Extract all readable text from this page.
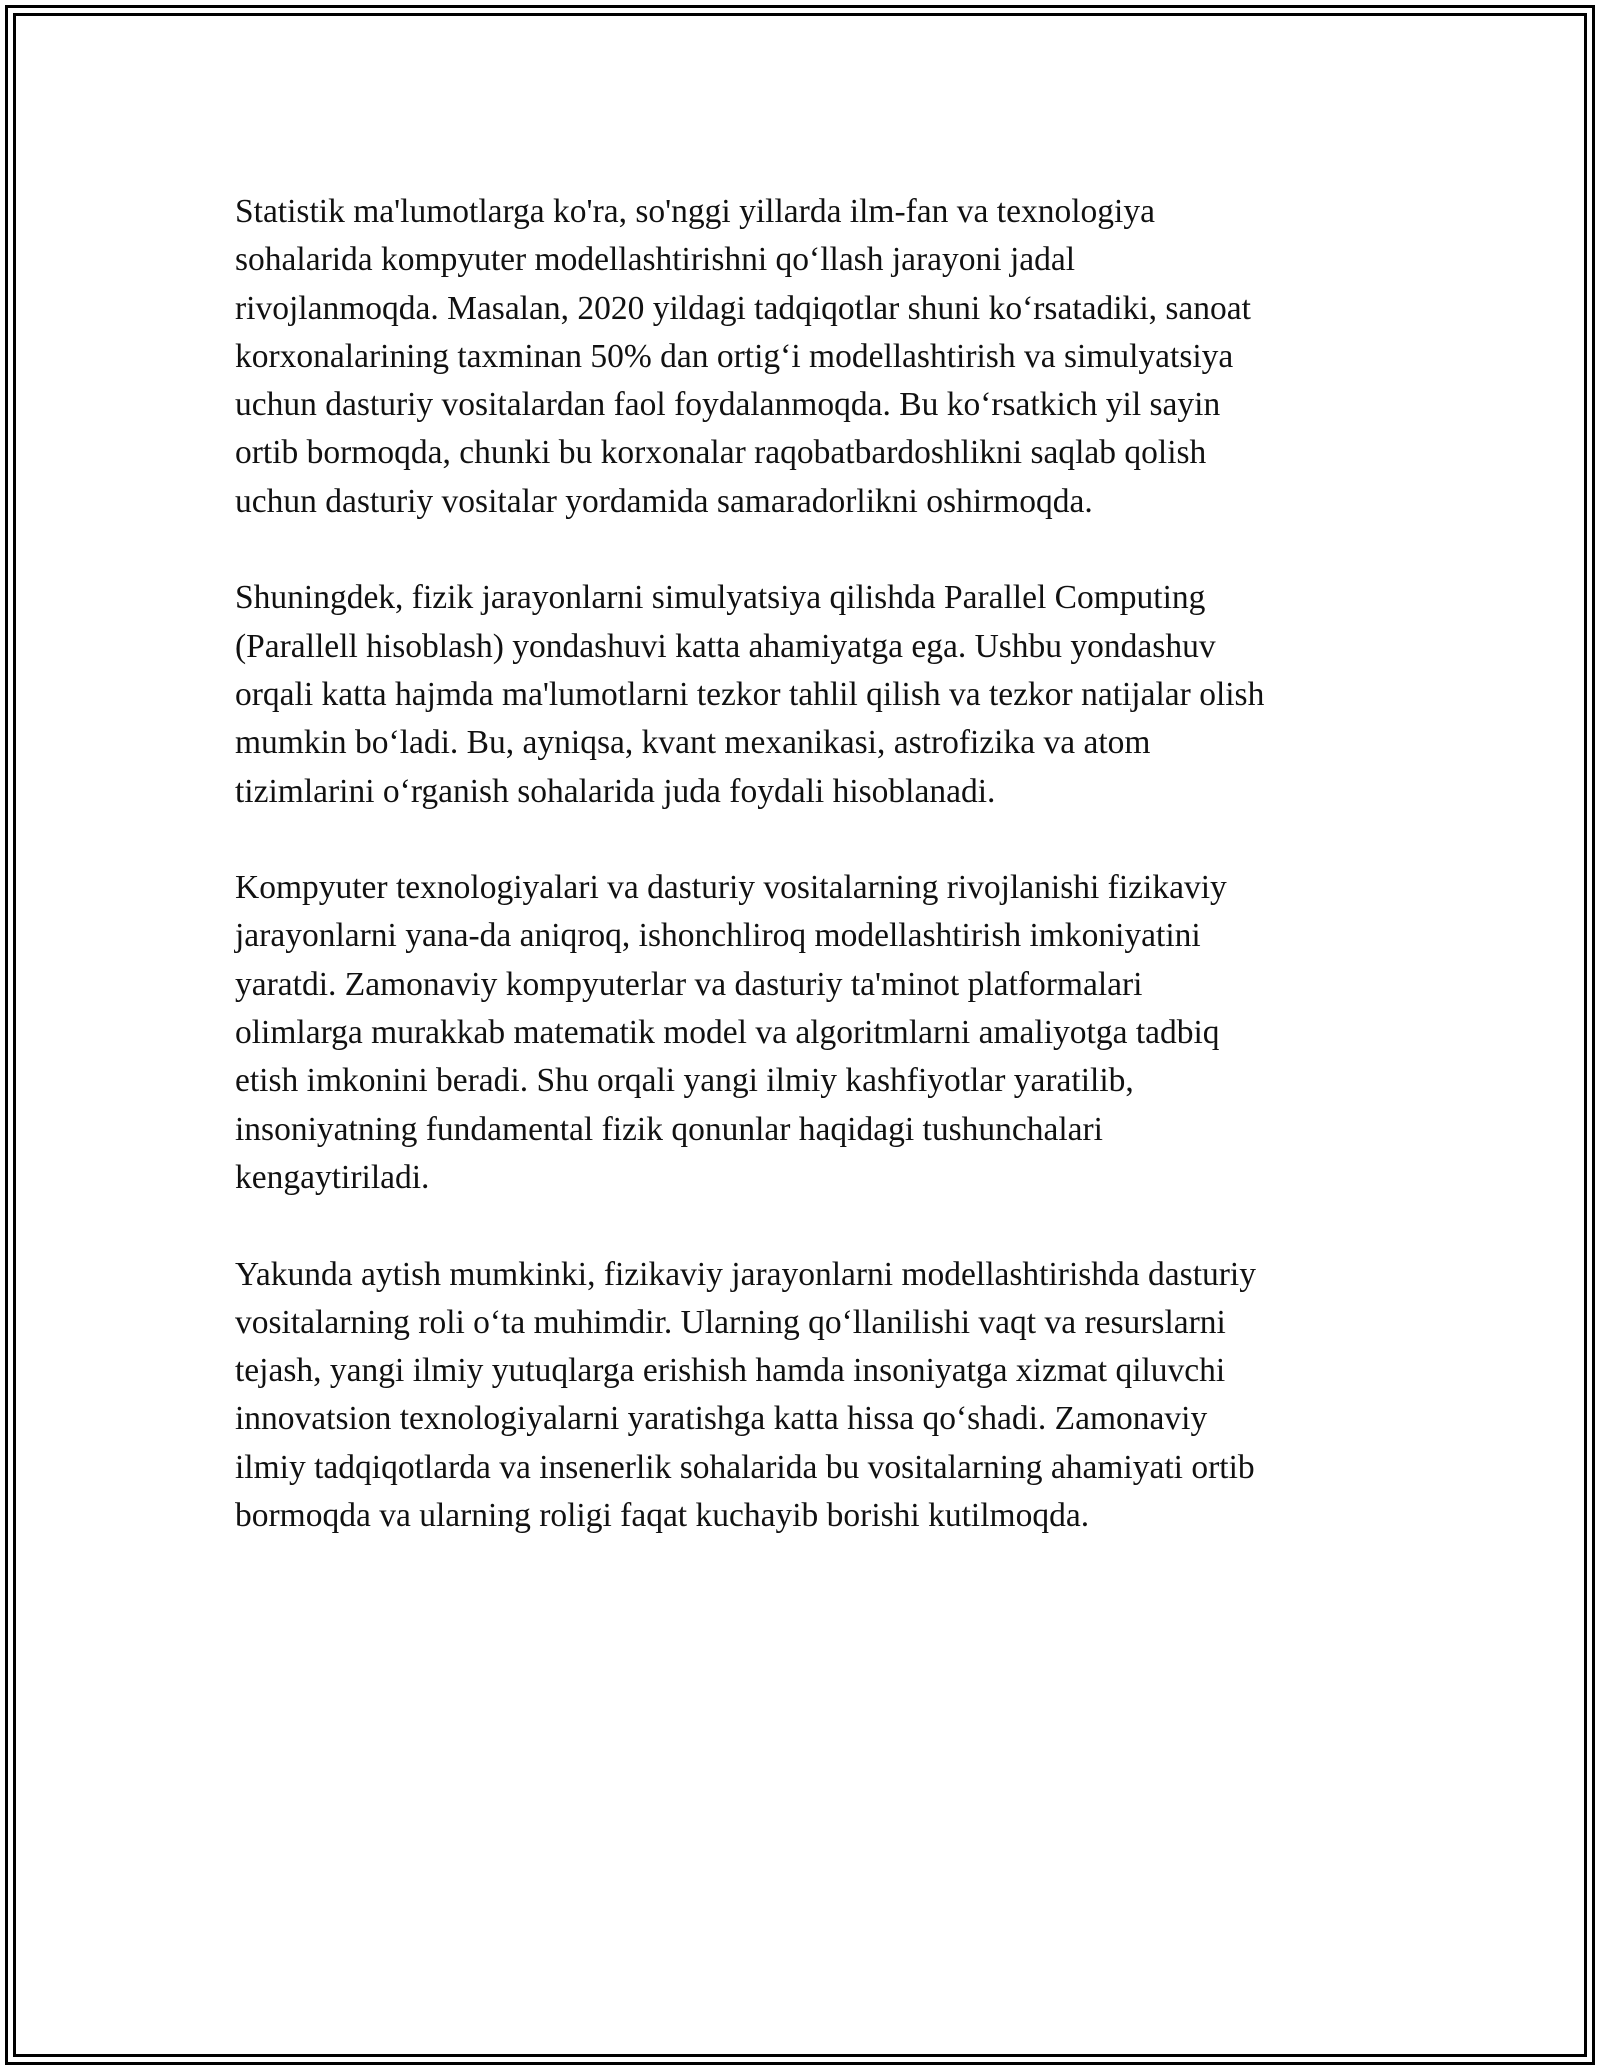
Statistik ma'lumotlarga ko'ra, so'nggi yillarda ilm-fan va texnologiya
sohalarida kompyuter modellashtirishni qo‘llash jarayoni jadal
rivojlanmoqda. Masalan, 2020 yildagi tadqiqotlar shuni ko‘rsatadiki, sanoat
korxonalarining taxminan 50% dan ortig‘i modellashtirish va simulyatsiya
uchun dasturiy vositalardan faol foydalanmoqda. Bu ko‘rsatkich yil sayin
ortib bormoqda, chunki bu korxonalar raqobatbardoshlikni saqlab qolish
uchun dasturiy vositalar yordamida samaradorlikni oshirmoqda.

Shuningdek, fizik jarayonlarni simulyatsiya qilishda Parallel Computing
(Parallell hisoblash) yondashuvi katta ahamiyatga ega. Ushbu yondashuv
orqali katta hajmda ma'lumotlarni tezkor tahlil qilish va tezkor natijalar olish
mumkin bo‘ladi. Bu, ayniqsa, kvant mexanikasi, astrofizika va atom
tizimlarini o‘rganish sohalarida juda foydali hisoblanadi.

Kompyuter texnologiyalari va dasturiy vositalarning rivojlanishi fizikaviy
jarayonlarni yana-da aniqroq, ishonchliroq modellashtirish imkoniyatini
yaratdi. Zamonaviy kompyuterlar va dasturiy ta'minot platformalari
olimlarga murakkab matematik model va algoritmlarni amaliyotga tadbiq
etish imkonini beradi. Shu orqali yangi ilmiy kashfiyotlar yaratilib,
insoniyatning fundamental fizik qonunlar haqidagi tushunchalari
kengaytiriladi.

Yakunda aytish mumkinki, fizikaviy jarayonlarni modellashtirishda dasturiy
vositalarning roli o‘ta muhimdir. Ularning qo‘llanilishi vaqt va resurslarni
tejash, yangi ilmiy yutuqlarga erishish hamda insoniyatga xizmat qiluvchi
innovatsion texnologiyalarni yaratishga katta hissa qo‘shadi. Zamonaviy
ilmiy tadqiqotlarda va insenerlik sohalarida bu vositalarning ahamiyati ortib
bormoqda va ularning roligi faqat kuchayib borishi kutilmoqda.
